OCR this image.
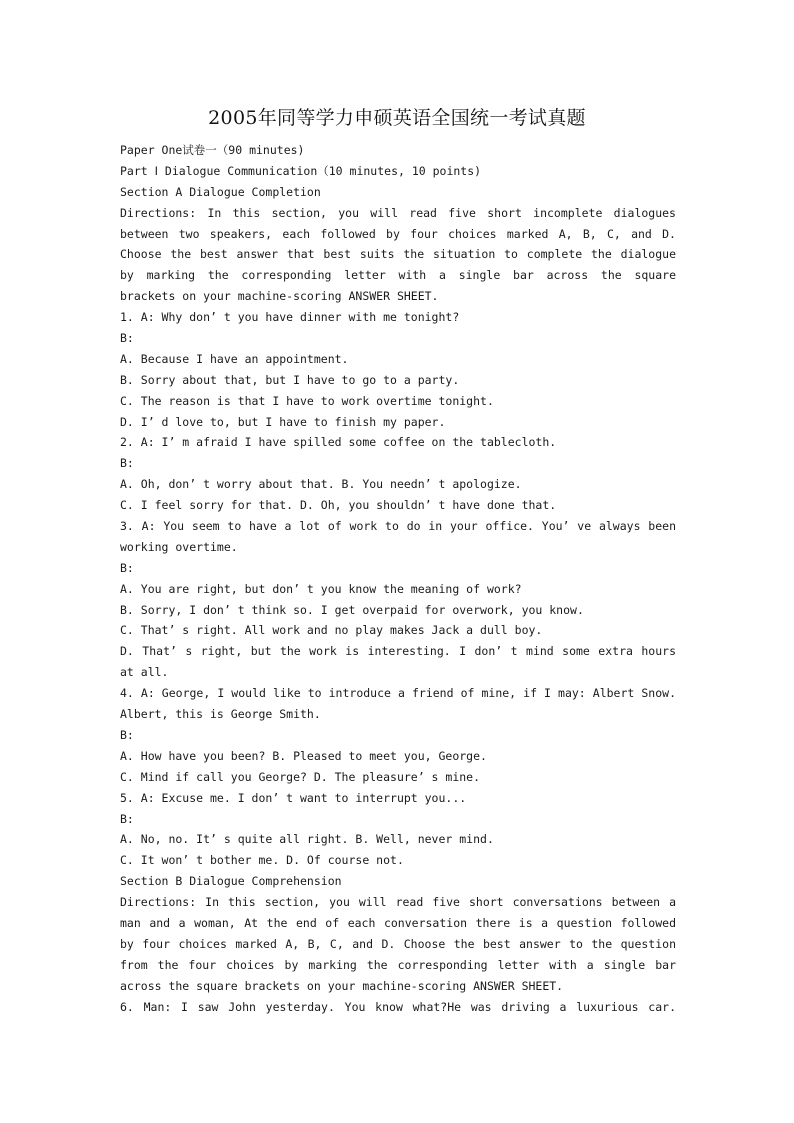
2005年同等学力申硕英语全国统一考试真题
Paper One试卷一（90 minutes)
Part Ⅰ Dialogue Communication（10 minutes, 10 points)
Section A Dialogue Completion
Directions: In this section, you will read five short incomplete dialogues
between two speakers, each followed by four choices marked A, B, C, and D.
Choose the best answer that best suits the situation to complete the dialogue
by marking the corresponding letter with a single bar across the square
brackets on your machine-scoring ANSWER SHEET.
1. A: Why don’ t you have dinner with me tonight?
B:
A. Because I have an appointment.
B. Sorry about that, but I have to go to a party.
C. The reason is that I have to work overtime tonight.
D. I’ d love to, but I have to finish my paper.
2. A: I’ m afraid I have spilled some coffee on the tablecloth.
B:
A. Oh, don’ t worry about that. B. You needn’ t apologize.
C. I feel sorry for that. D. Oh, you shouldn’ t have done that.
3. A: You seem to have a lot of work to do in your office. You’ ve always been
working overtime.
B:
A. You are right, but don’ t you know the meaning of work?
B. Sorry, I don’ t think so. I get overpaid for overwork, you know.
C. That’ s right. All work and no play makes Jack a dull boy.
D. That’ s right, but the work is interesting. I don’ t mind some extra hours
at all.
4. A: George, I would like to introduce a friend of mine, if I may: Albert Snow.
Albert, this is George Smith.
B:
A. How have you been? B. Pleased to meet you, George.
C. Mind if call you George? D. The pleasure’ s mine.
5. A: Excuse me. I don’ t want to interrupt you...
B:
A. No, no. It’ s quite all right. B. Well, never mind.
C. It won’ t bother me. D. Of course not.
Section B Dialogue Comprehension
Directions: In this section, you will read five short conversations between a
man and a woman, At the end of each conversation there is a question followed
by four choices marked A, B, C, and D. Choose the best answer to the question
from the four choices by marking the corresponding letter with a single bar
across the square brackets on your machine-scoring ANSWER SHEET.
6. Man: I saw John yesterday. You know what?He was driving a luxurious car.
